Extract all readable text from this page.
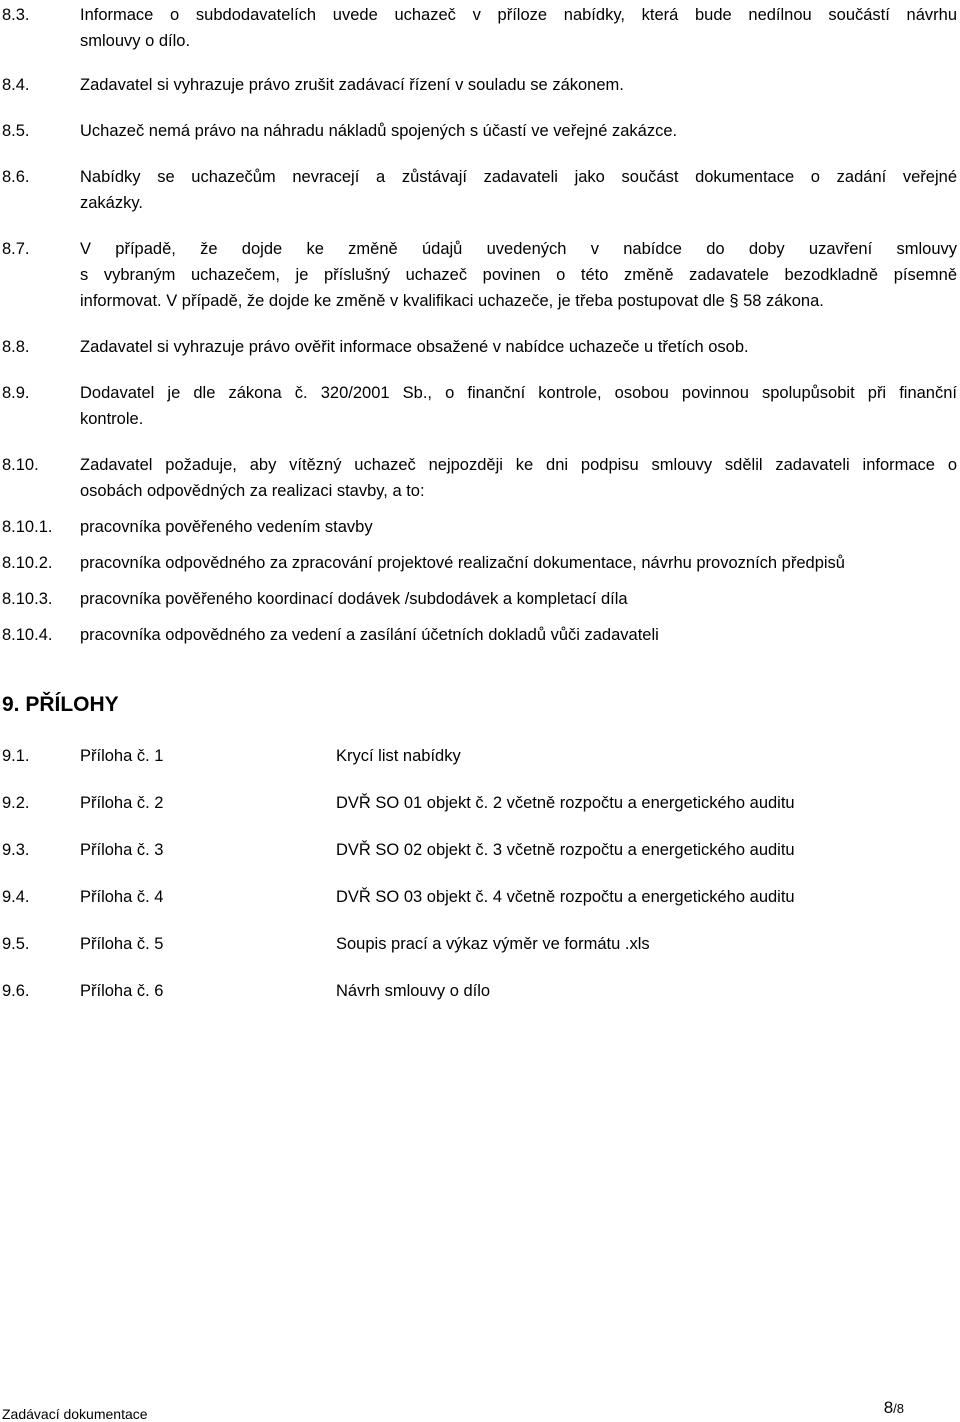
8.3.	Informace o subdodavatelích uvede uchazeč v příloze nabídky, která bude nedílnou součástí návrhu
smlouvy o dílo.
8.4.	Zadavatel si vyhrazuje právo zrušit zadávací řízení v souladu se zákonem.
8.5.	Uchazeč nemá právo na náhradu nákladů spojených s účastí ve veřejné zakázce.
8.6.	Nabídky se uchazečům nevracejí a zůstávají zadavateli jako součást dokumentace o zadání veřejné
zakázky.
8.7.	V případě, že dojde ke změně údajů uvedených v nabídce do doby uzavření smlouvy
s vybraným uchazečem, je příslušný uchazeč povinen o této změně zadavatele bezodkladně písemně
informovat. V případě, že dojde ke změně v kvalifikaci uchazeče, je třeba postupovat dle § 58 zákona.
8.8.	Zadavatel si vyhrazuje právo ověřit informace obsažené v nabídce uchazeče u třetích osob.
8.9.	Dodavatel je dle zákona č. 320/2001 Sb., o finanční kontrole, osobou povinnou spolupůsobit při finanční
kontrole.
8.10.	Zadavatel požaduje, aby vítězný uchazeč nejpozději ke dni podpisu smlouvy sdělil zadavateli informace o
osobách odpovědných za realizaci stavby, a to:
8.10.1. pracovníka pověřeného vedením stavby
8.10.2. pracovníka odpovědného za zpracování projektové realizační dokumentace, návrhu provozních předpisů
8.10.3. pracovníka pověřeného koordinací dodávek /subdodávek a kompletací díla
8.10.4. pracovníka odpovědného za vedení a zasílání účetních dokladů vůči zadavateli
9. PŘÍLOHY
9.1.	Příloha č. 1	Krycí list nabídky
9.2.	Příloha č. 2	DVŘ SO 01 objekt č. 2 včetně rozpočtu a energetického auditu
9.3.	Příloha č. 3	DVŘ SO 02 objekt č. 3 včetně rozpočtu a energetického auditu
9.4.	Příloha č. 4	DVŘ SO 03 objekt č. 4 včetně rozpočtu a energetického auditu
9.5.	Příloha č. 5	Soupis prací a výkaz výměr ve formátu .xls
9.6.	Příloha č. 6	Návrh smlouvy o dílo
Zadávací dokumentace	8/8
